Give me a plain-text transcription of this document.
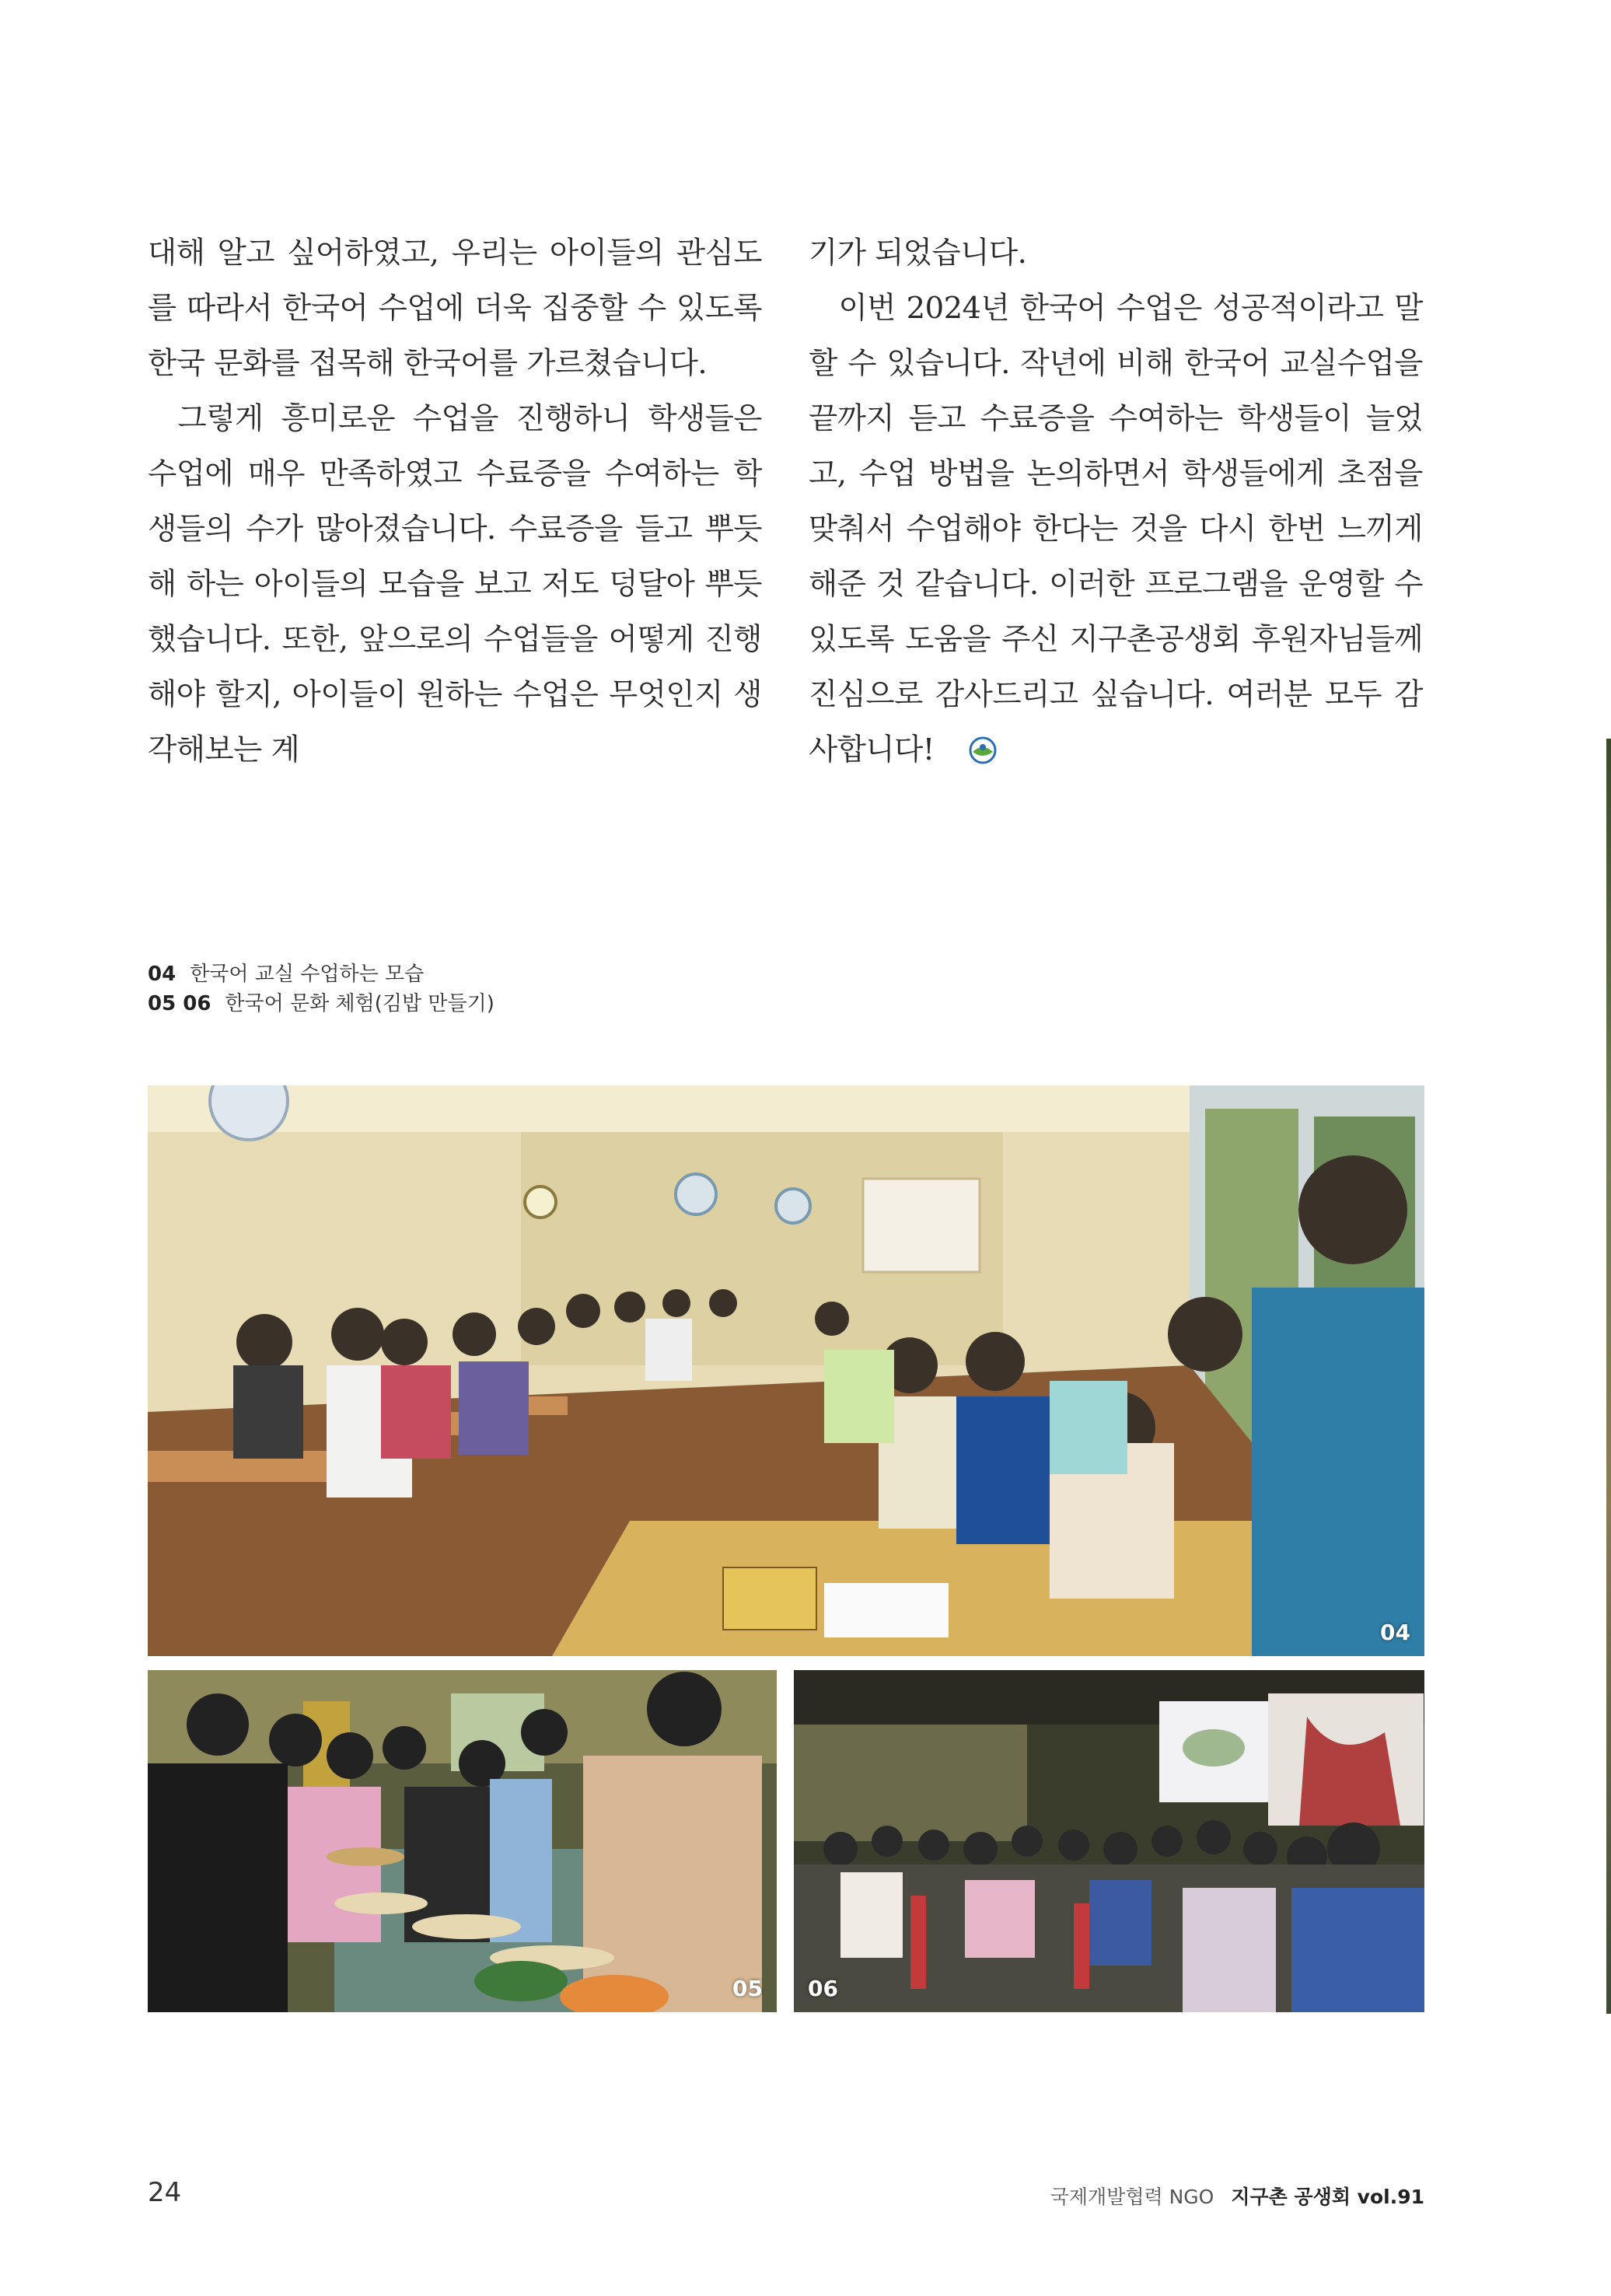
대해 알고 싶어하였고, 우리는 아이들의 관심도를 따라서 한국어 수업에 더욱 집중할 수 있도록 한국 문화를 접목해 한국어를 가르쳤습니다.

그렇게 흥미로운 수업을 진행하니 학생들은 수업에 매우 만족하였고 수료증을 수여하는 학생들의 수가 많아졌습니다. 수료증을 들고 뿌듯해 하는 아이들의 모습을 보고 저도 덩달아 뿌듯했습니다. 또한, 앞으로의 수업들을 어떻게 진행해야 할지, 아이들이 원하는 수업은 무엇인지 생각해보는 계

기가 되었습니다.

이번 2024년 한국어 수업은 성공적이라고 말할 수 있습니다. 작년에 비해 한국어 교실수업을 끝까지 듣고 수료증을 수여하는 학생들이 늘었고, 수업 방법을 논의하면서 학생들에게 초점을 맞춰서 수업해야 한다는 것을 다시 한번 느끼게 해준 것 같습니다. 이러한 프로그램을 운영할 수 있도록 도움을 주신 지구촌공생회 후원자님들께 진심으로 감사드리고 싶습니다. 여러분 모두 감사합니다!

04 한국어 교실 수업하는 모습
05 06 한국어 문화 체험(김밥 만들기)
04
05 06
24	국제개발협력 NGO 지구촌 공생회 vol.91
